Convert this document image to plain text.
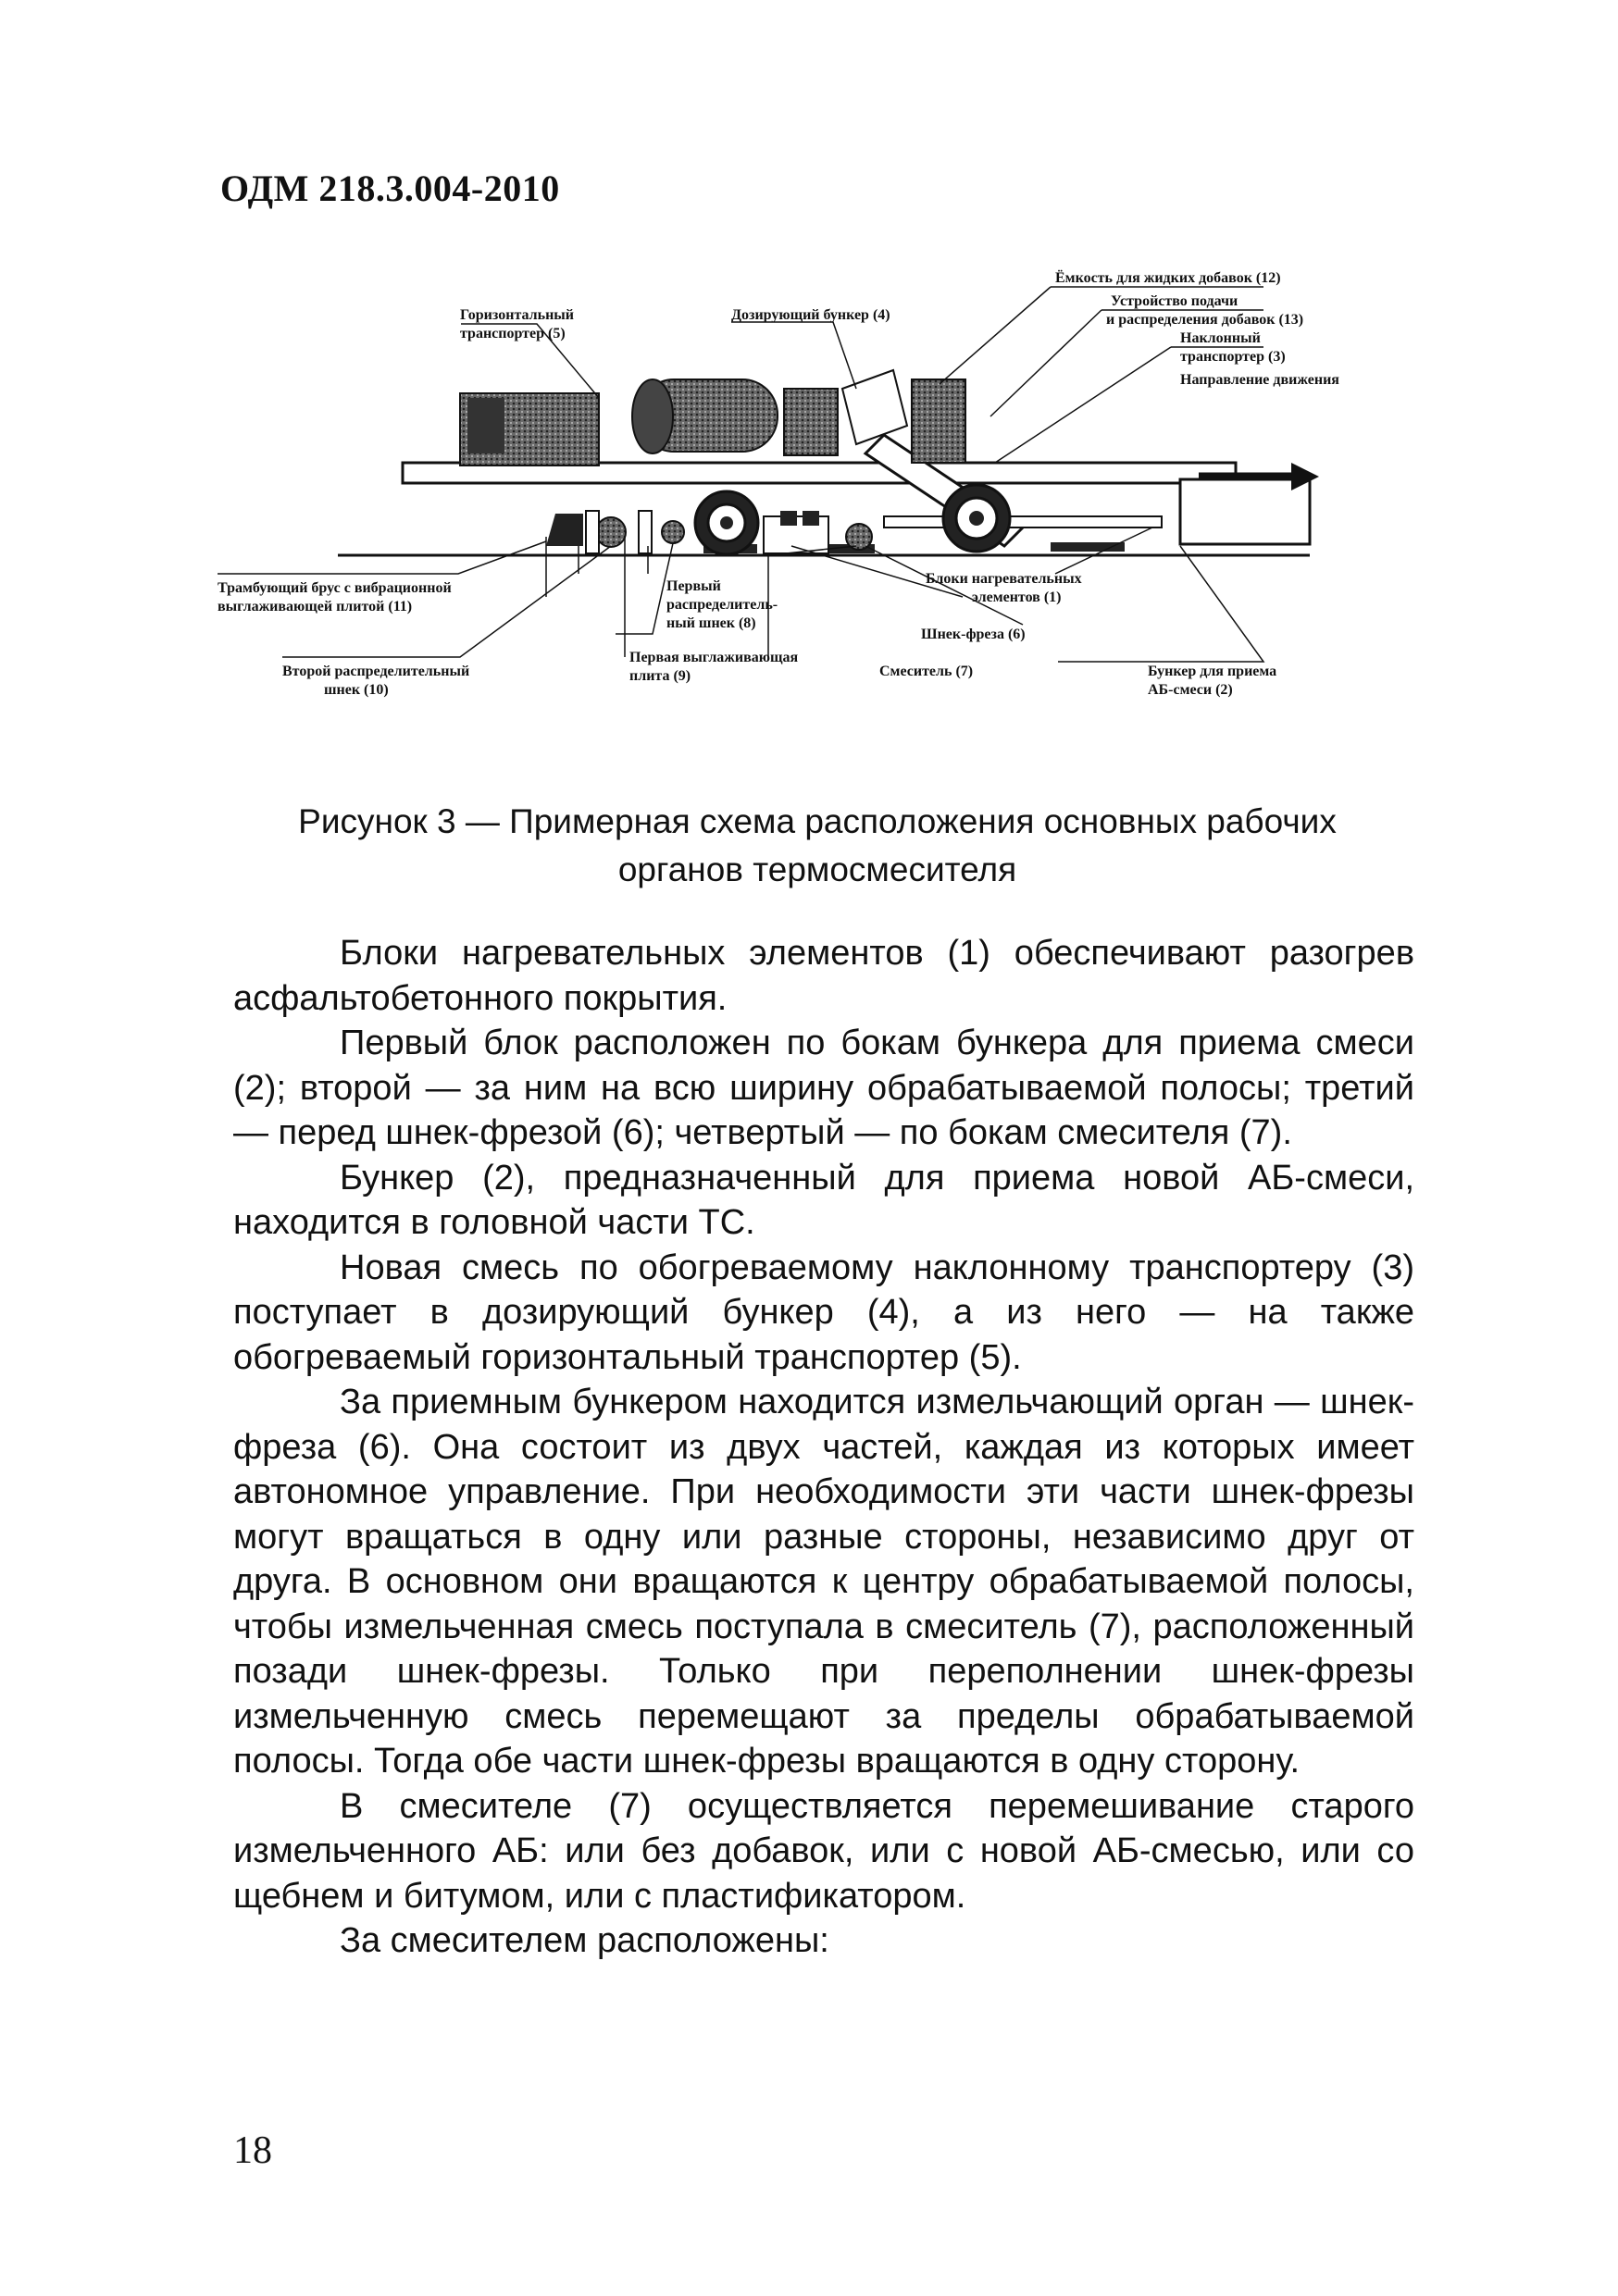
ОДМ 218.3.004-2010
Ёмкость для жидких добавок (12)
Устройство подачи
и распределения добавок (13)
Наклонный
транспортер (3)
Направление движения
Горизонтальный
транспортер (5)
Дозирующий бункер (4)
Трамбующий брус с вибрационной
выглаживающей плитой (11)
Второй распределительный
шнек (10)
Первый
распределитель-
ный шнек (8)
Первая выглаживающая
плита (9)	Смеситель (7)
Блоки нагревательных
элементов (1)
Шнек-фреза (6)
Бункер для приема
АБ-смеси (2)
Рисунок 3 — Примерная схема расположения основных рабочих
органов термосмесителя

Блоки нагревательных элементов (1) обеспечивают разогрев асфальтобетонного покрытия.

Первый блок расположен по бокам бункера для приема смеси (2); второй — за ним на всю ширину обрабатываемой полосы; третий — перед шнек-фрезой (6); четвертый — по бокам смесителя (7).

Бункер (2), предназначенный для приема новой АБ-смеси, находится в головной части ТС.

Новая смесь по обогреваемому наклонному транспортеру (3) поступает в дозирующий бункер (4), а из него — на также обогреваемый горизонтальный транспортер (5).

За приемным бункером находится измельчающий орган — шнек-фреза (6). Она состоит из двух частей, каждая из которых имеет автономное управление. При необходимости эти части шнек-фрезы могут вращаться в одну или разные стороны, независимо друг от друга. В основном они вращаются к центру обрабатываемой полосы, чтобы измельченная смесь поступала в смеситель (7), расположенный позади шнек-фрезы. Только при переполнении шнек-фрезы измельченную смесь перемещают за пределы обрабатываемой полосы. Тогда обе части шнек-фрезы вращаются в одну сторону.

В смесителе (7) осуществляется перемешивание старого измельченного АБ: или без добавок, или с новой АБ-смесью, или со щебнем и битумом, или с пластификатором.

За смесителем расположены:

18
